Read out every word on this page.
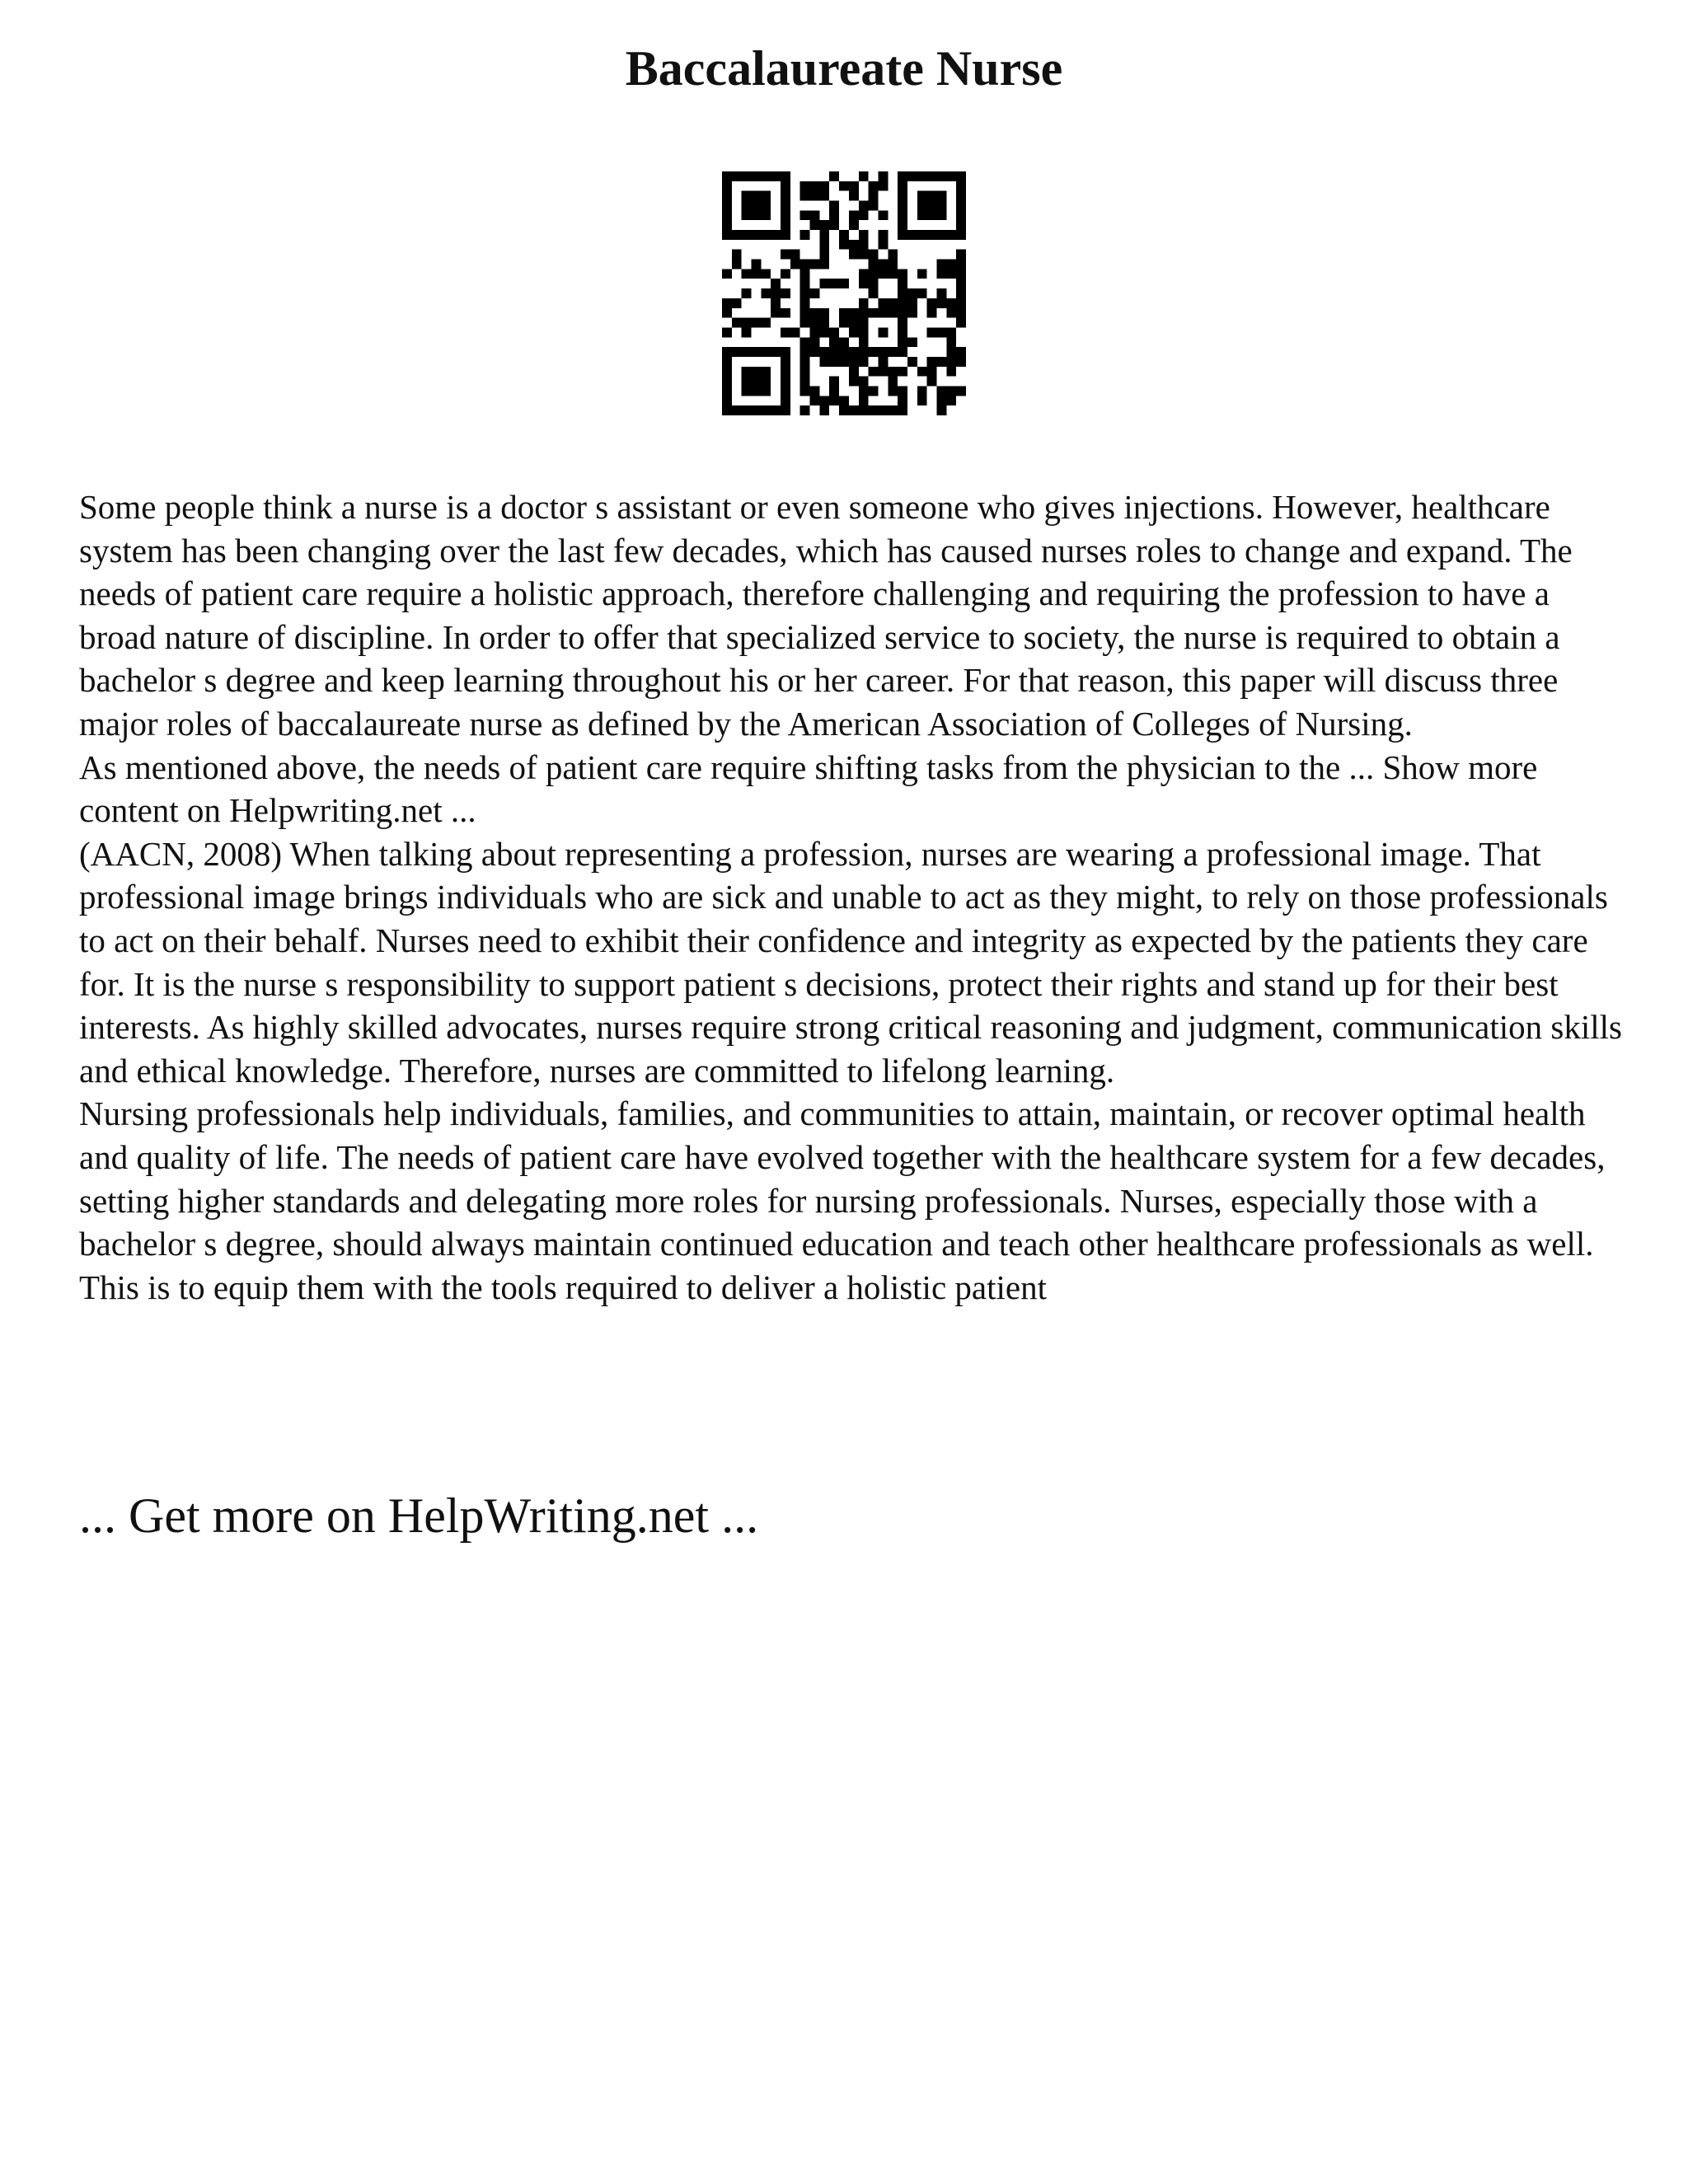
Baccalaureate Nurse

Some people think a nurse is a doctor s assistant or even someone who gives injections. However, healthcare system has been changing over the last few decades, which has caused nurses roles to change and expand. The needs of patient care require a holistic approach, therefore challenging and requiring the profession to have a broad nature of discipline. In order to offer that specialized service to society, the nurse is required to obtain a bachelor s degree and keep learning throughout his or her career. For that reason, this paper will discuss three major roles of baccalaureate nurse as defined by the American Association of Colleges of Nursing.

As mentioned above, the needs of patient care require shifting tasks from the physician to the ... Show more content on Helpwriting.net ...

(AACN, 2008) When talking about representing a profession, nurses are wearing a professional image. That professional image brings individuals who are sick and unable to act as they might, to rely on those professionals to act on their behalf. Nurses need to exhibit their confidence and integrity as expected by the patients they care for. It is the nurse s responsibility to support patient s decisions, protect their rights and stand up for their best interests. As highly skilled advocates, nurses require strong critical reasoning and judgment, communication skills and ethical knowledge. Therefore, nurses are committed to lifelong learning.

Nursing professionals help individuals, families, and communities to attain, maintain, or recover optimal health and quality of life. The needs of patient care have evolved together with the healthcare system for a few decades, setting higher standards and delegating more roles for nursing professionals. Nurses, especially those with a bachelor s degree, should always maintain continued education and teach other healthcare professionals as well. This is to equip them with the tools required to deliver a holistic patient

... Get more on HelpWriting.net ...
